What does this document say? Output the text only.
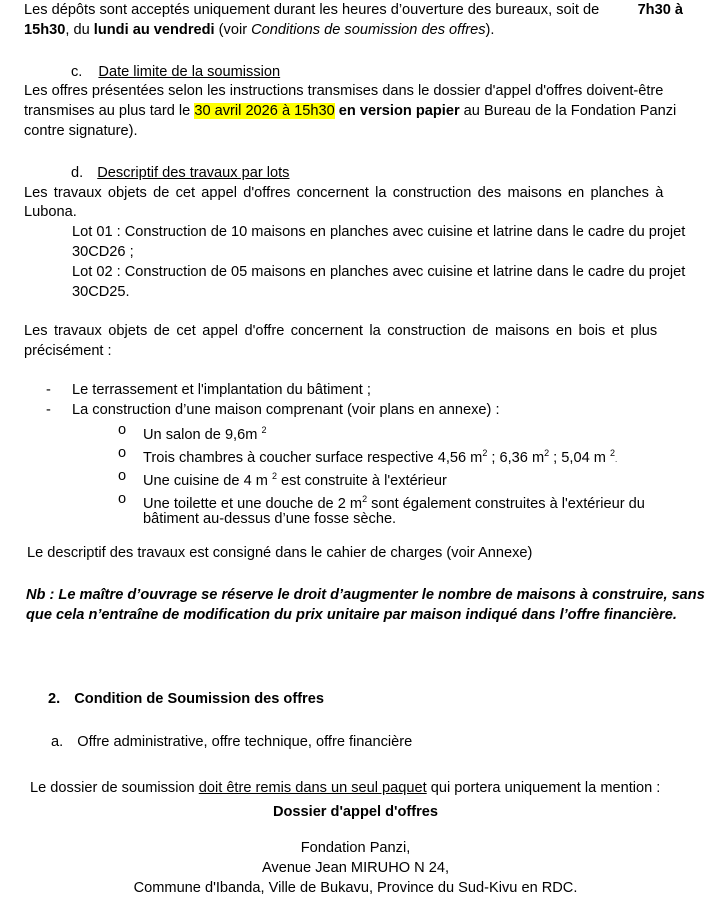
Les dépôts sont acceptés uniquement durant les heures d’ouverture des bureaux, soit de	7h30 à
15h30, du lundi au vendredi (voir Conditions de soumission des offres).
c. Date limite de la soumission
Les offres présentées selon les instructions transmises dans le dossier d'appel d'offres doivent-être
transmises au plus tard le 30 avril 2026 à 15h30 en version papier au Bureau de la Fondation Panzi
contre signature).
d. Descriptif des travaux par lots
Les travaux objets de cet appel d'offres concernent la construction des maisons en planches à
Lubona.
Lot 01 : Construction de 10 maisons en planches avec cuisine et latrine dans le cadre du projet
30CD26 ;
Lot 02 : Construction de 05 maisons en planches avec cuisine et latrine dans le cadre du projet
30CD25.
Les travaux objets de cet appel d'offre concernent la construction de maisons en bois et plus
précisément :
- Le terrassement et l'implantation du bâtiment ;
- La construction d’une maison comprenant (voir plans en annexe) :
o Un salon de 9,6m $^2$
o Trois chambres à coucher surface respective 4,56 $m^2$ ; 6,36 $m^2$ ; 5,04 m $^2$.
o Une cuisine de 4 m $^2$ est construite à l'extérieur
o Une toilette et une douche de 2 $m^2$ sont également construites à l'extérieur du
bâtiment au-dessus d’une fosse sèche.
Le descriptif des travaux est consigné dans le cahier de charges (voir Annexe)
Nb : Le maître d’ouvrage se réserve le droit d’augmenter le nombre de maisons à construire, sans
que cela n’entraîne de modification du prix unitaire par maison indiqué dans l’offre financière.
2. Condition de Soumission des offres
a. Offre administrative, offre technique, offre financière
Le dossier de soumission doit être remis dans un seul paquet qui portera uniquement la mention :
Dossier d'appel d'offres
Fondation Panzi,
Avenue Jean MIRUHO N 24,
Commune d'Ibanda, Ville de Bukavu, Province du Sud-Kivu en RDC.
